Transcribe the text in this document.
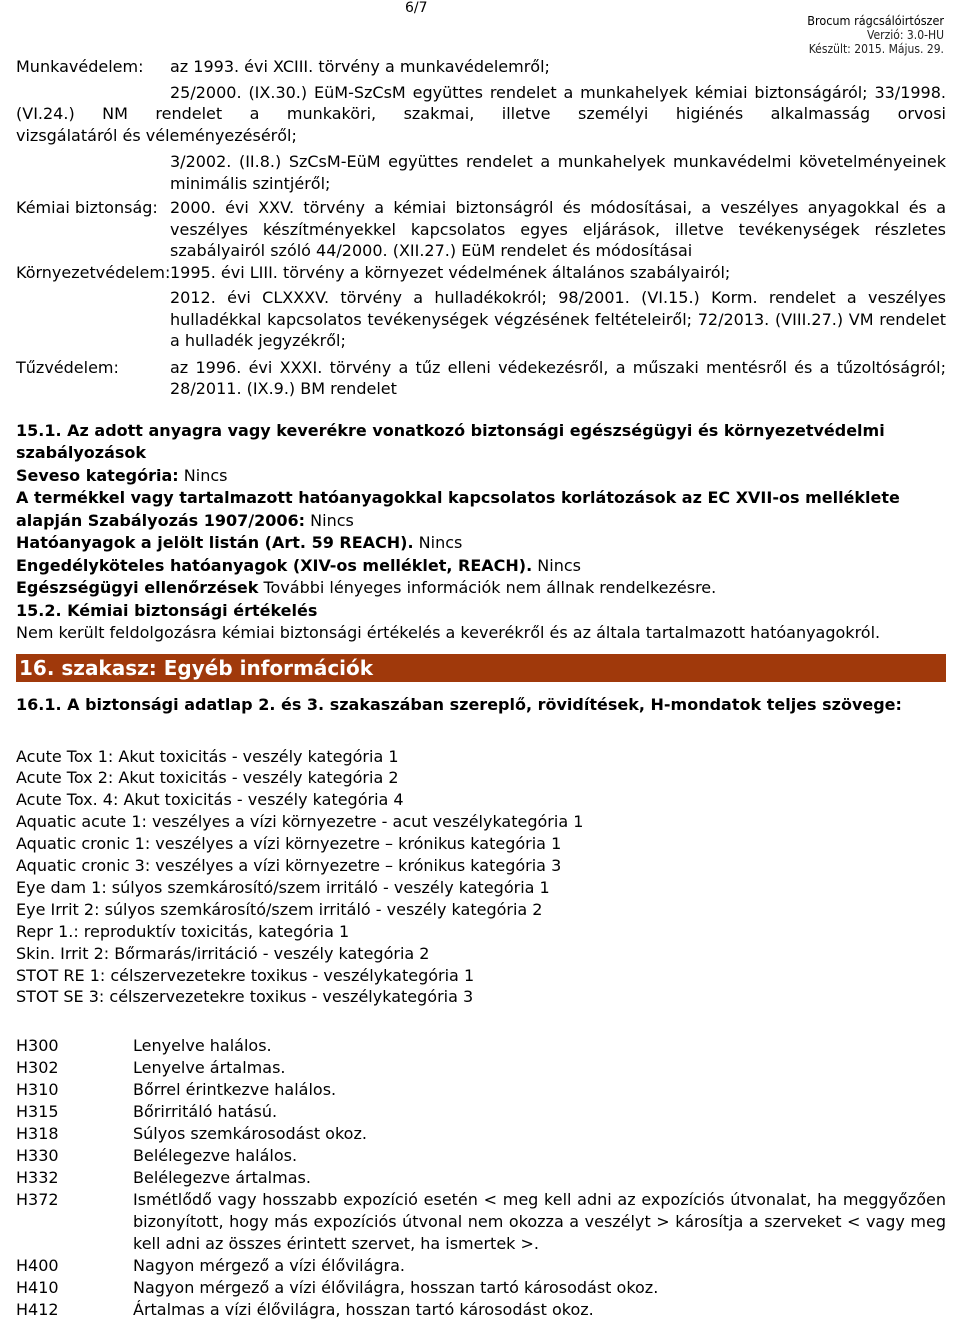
6/7
Brocum rágcsálóirtószer
Verzió: 3.0-HU
Készült: 2015. Május. 29.
Munkavédelem:	az 1993. évi XCIII. törvény a munkavédelemről;
25/2000. (IX.30.) EüM-SzCsM együttes rendelet a munkahelyek kémiai biztonságáról; 33/1998.
(VI.24.) NM rendelet a munkaköri, szakmai, illetve személyi higiénés alkalmasság orvosi
vizsgálatáról és véleményezéséről;
3/2002. (II.8.) SzCsM-EüM együttes rendelet a munkahelyek munkavédelmi követelményeinek minimális szintjéről;
Kémiai biztonság: 2000. évi XXV. törvény a kémiai biztonságról és módosításai, a veszélyes anyagokkal és a veszélyes készítményekkel kapcsolatos egyes eljárások, illetve tevékenységek részletes szabályairól szóló 44/2000. (XII.27.) EüM rendelet és módosításai
Környezetvédelem: 1995. évi LIII. törvény a környezet védelmének általános szabályairól;
2012. évi CLXXXV. törvény a hulladékokról; 98/2001. (VI.15.) Korm. rendelet a veszélyes hulladékkal kapcsolatos tevékenységek végzésének feltételeiről; 72/2013. (VIII.27.) VM rendelet a hulladék jegyzékről;
Tűzvédelem:	az 1996. évi XXXI. törvény a tűz elleni védekezésről, a műszaki mentésről és a tűzoltóságról; 28/2011. (IX.9.) BM rendelet
15.1. Az adott anyagra vagy keverékre vonatkozó biztonsági egészségügyi és környezetvédelmi szabályozások
Seveso kategória: Nincs
A termékkel vagy tartalmazott hatóanyagokkal kapcsolatos korlátozások az EC XVII-os melléklete alapján Szabályozás 1907/2006: Nincs
Hatóanyagok a jelölt listán (Art. 59 REACH). Nincs
Engedélyköteles hatóanyagok (XIV-os melléklet, REACH). Nincs
Egészségügyi ellenőrzések További lényeges információk nem állnak rendelkezésre.
15.2. Kémiai biztonsági értékelés
Nem került feldolgozásra kémiai biztonsági értékelés a keverékről és az általa tartalmazott hatóanyagokról.
16. szakasz: Egyéb információk
16.1. A biztonsági adatlap 2. és 3. szakaszában szereplő, rövidítések, H-mondatok teljes szövege:
Acute Tox 1: Akut toxicitás - veszély kategória 1
Acute Tox 2: Akut toxicitás - veszély kategória 2
Acute Tox. 4: Akut toxicitás - veszély kategória 4
Aquatic acute 1: veszélyes a vízi környezetre - acut veszélykategória 1
Aquatic cronic 1: veszélyes a vízi környezetre – krónikus kategória 1
Aquatic cronic 3: veszélyes a vízi környezetre – krónikus kategória 3
Eye dam 1: súlyos szemkárosító/szem irritáló - veszély kategória 1
Eye Irrit 2: súlyos szemkárosító/szem irritáló - veszély kategória 2
Repr 1.: reproduktív toxicitás, kategória 1
Skin. Irrit 2: Bőrmarás/irritáció - veszély kategória 2
STOT RE 1: célszervezetekre toxikus - veszélykategória 1
STOT SE 3: célszervezetekre toxikus - veszélykategória 3
H300	Lenyelve halálos.
H302	Lenyelve ártalmas.
H310	Bőrrel érintkezve halálos.
H315	Bőrirritáló hatású.
H318	Súlyos szemkárosodást okoz.
H330	Belélegezve halálos.
H332	Belélegezve ártalmas.
H372	Ismétlődő vagy hosszabb expozíció esetén < meg kell adni az expozíciós útvonalat, ha meggyőzően bizonyított, hogy más expozíciós útvonal nem okozza a veszélyt > károsítja a szerveket < vagy meg kell adni az összes érintett szervet, ha ismertek >.
H400	Nagyon mérgező a vízi élővilágra.
H410	Nagyon mérgező a vízi élővilágra, hosszan tartó károsodást okoz.
H412	Ártalmas a vízi élővilágra, hosszan tartó károsodást okoz.
